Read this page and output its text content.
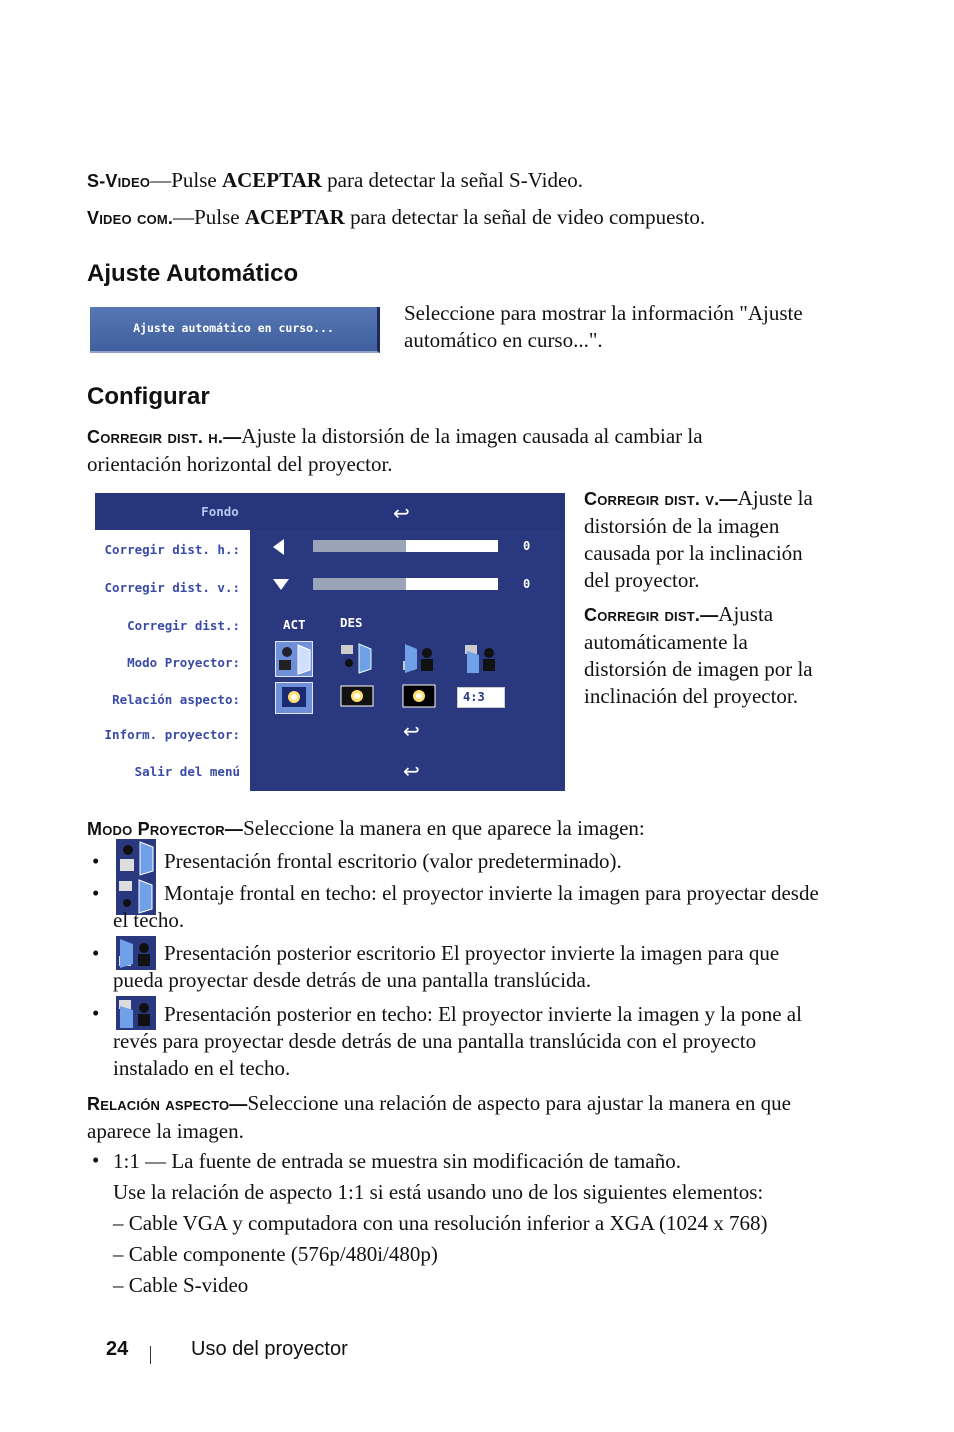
S-Video—Pulse ACEPTAR para detectar la señal S-Video.
Video com.—Pulse ACEPTAR para detectar la señal de video compuesto.
Ajuste Automático
Ajuste automático en curso...
Seleccione para mostrar la información "Ajuste automático en curso...".
Configurar
Corregir dist. h.—Ajuste la distorsión de la imagen causada al cambiar la orientación horizontal del proyector.
Fondo	↩
Corregir dist. h.:
Corregir dist. v.:
Corregir dist.:
Modo Proyector:
Relación aspecto:
Inform. proyector:
Salir del menú
0
0
ACT	DES
4:3
↩
↩
Corregir dist. v.—Ajuste la distorsión de la imagen causada por la inclinación del proyector.
Corregir dist.—Ajusta automáticamente la distorsión de imagen por la inclinación del proyector.
Modo Proyector—Seleccione la manera en que aparece la imagen:
•	Presentación frontal escritorio (valor predeterminado).
•	Montaje frontal en techo: el proyector invierte la imagen para proyectar desde el techo.
•	Presentación posterior escritorio El proyector invierte la imagen para que pueda proyectar desde detrás de una pantalla translúcida.
•	Presentación posterior en techo: El proyector invierte la imagen y la pone al revés para proyectar desde detrás de una pantalla translúcida con el proyecto instalado en el techo.
Relación aspecto—Seleccione una relación de aspecto para ajustar la manera en que aparece la imagen.
• 1:1 — La fuente de entrada se muestra sin modificación de tamaño.
Use la relación de aspecto 1:1 si está usando uno de los siguientes elementos:
– Cable VGA y computadora con una resolución inferior a XGA (1024 x 768)
– Cable componente (576p/480i/480p)
– Cable S-video
24	Uso del proyector
